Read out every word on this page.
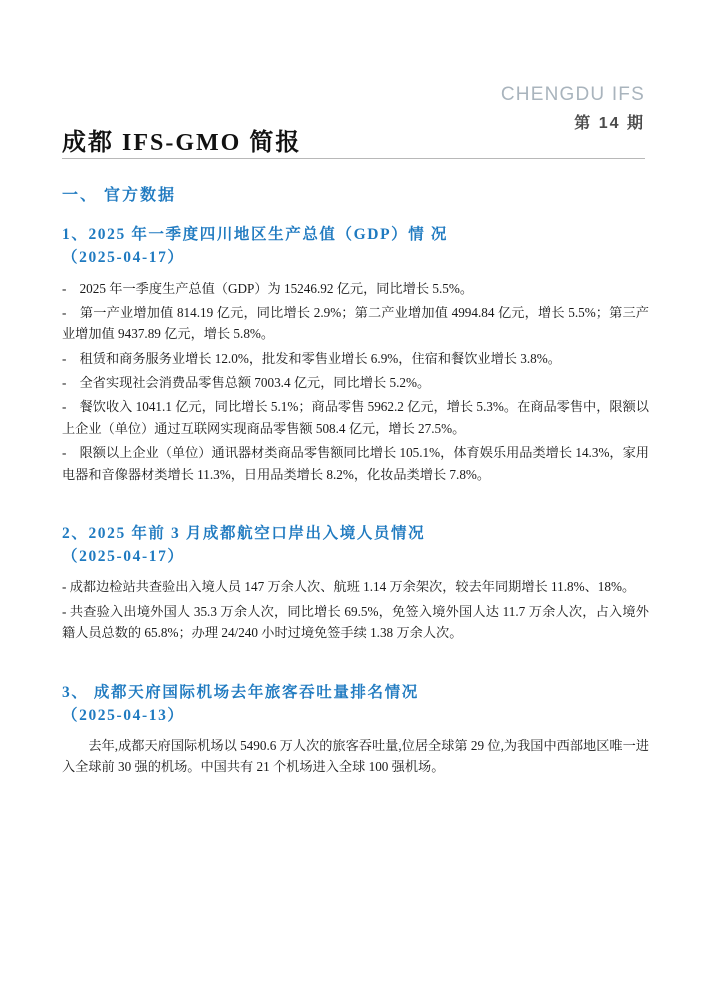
CHENGDU IFS
第 14 期
成都 IFS-GMO 简报
一、 官方数据
1、2025 年一季度四川地区生产总值（GDP）情 况
（2025-04-17）
-　2025 年一季度生产总值（GDP）为 15246.92 亿元，同比增长 5.5%。
-　第一产业增加值 814.19 亿元，同比增长 2.9%；第二产业增加值 4994.84 亿元，增长 5.5%；第三产业增加值 9437.89 亿元，增长 5.8%。
-　租赁和商务服务业增长 12.0%，批发和零售业增长 6.9%，住宿和餐饮业增长 3.8%。
-　全省实现社会消费品零售总额 7003.4 亿元，同比增长 5.2%。
-　餐饮收入 1041.1 亿元，同比增长 5.1%；商品零售 5962.2 亿元，增长 5.3%。在商品零售中，限额以上企业（单位）通过互联网实现商品零售额 508.4 亿元，增长 27.5%。
-　限额以上企业（单位）通讯器材类商品零售额同比增长 105.1%，体育娱乐用品类增长 14.3%，家用电器和音像器材类增长 11.3%，日用品类增长 8.2%，化妆品类增长 7.8%。
2、2025 年前 3 月成都航空口岸出入境人员情况
（2025-04-17）
- 成都边检站共查验出入境人员 147 万余人次、航班 1.14 万余架次，较去年同期增长 11.8%、18%。
- 共查验入出境外国人 35.3 万余人次，同比增长 69.5%，免签入境外国人达 11.7 万余人次，占入境外籍人员总数的 65.8%；办理 24/240 小时过境免签手续 1.38 万余人次。
3、 成都天府国际机场去年旅客吞吐量排名情况
（2025-04-13）
　　去年,成都天府国际机场以 5490.6 万人次的旅客吞吐量,位居全球第 29 位,为我国中西部地区唯一进入全球前 30 强的机场。中国共有 21 个机场进入全球 100 强机场。
